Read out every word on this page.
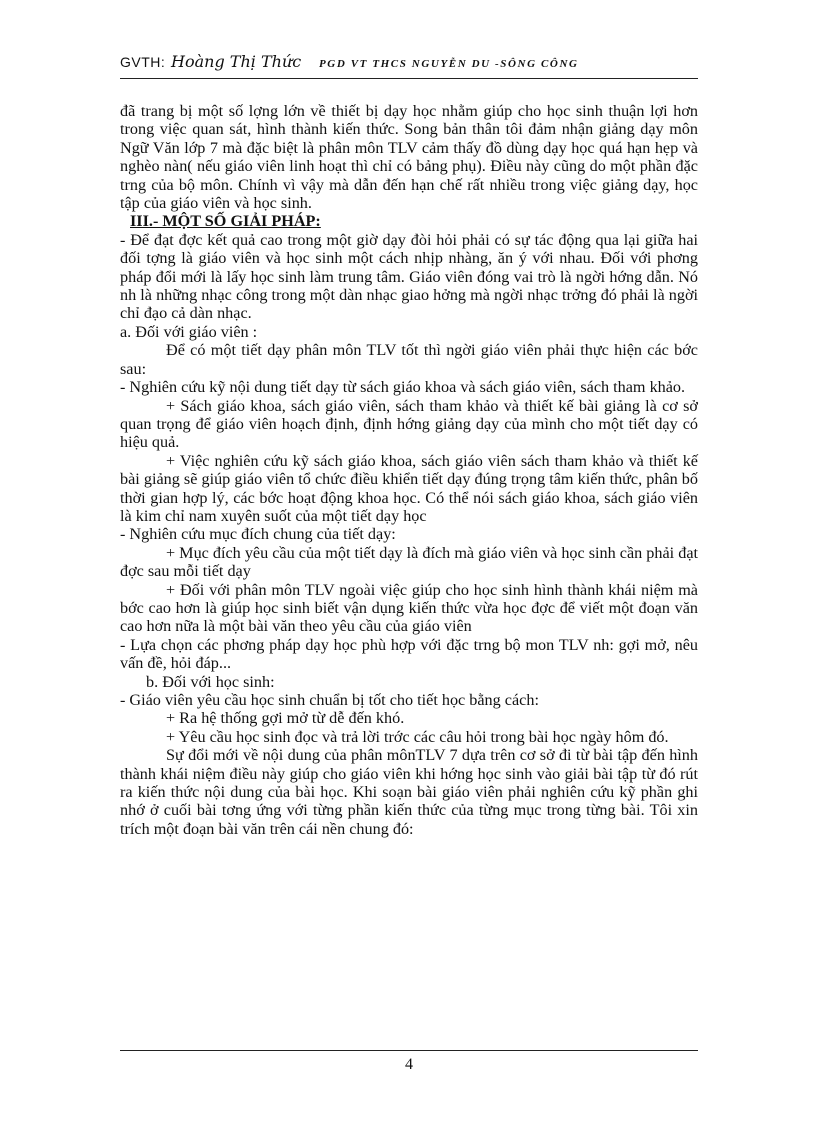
GVTH: Hoàng Thị Thức PGD VT THCS NGUYỄN DU -SÔNG CÔNG

đã trang bị một số lợng lớn về thiết bị dạy học nhằm giúp cho học sinh thuận lợi hơn trong việc quan sát, hình thành kiến thức. Song bản thân tôi đảm nhận giảng dạy môn Ngữ Văn lớp 7 mà đặc biệt là phân môn TLV cảm thấy đồ dùng dạy học quá hạn hẹp và nghèo nàn( nếu giáo viên linh hoạt thì chỉ có bảng phụ). Điều này cũng do một phần đặc trng của bộ môn. Chính vì vậy mà dẫn đến hạn chế rất nhiều trong việc giảng dạy, học tập của giáo viên và học sinh.

III.- MỘT SỐ GIẢI PHÁP:

- Để đạt đợc kết quả cao trong một giờ dạy đòi hỏi phải có sự tác động qua lại giữa hai đối tợng là giáo viên và học sinh một cách nhịp nhàng, ăn ý với nhau. Đối với phơng pháp đổi mới là lấy học sinh làm trung tâm. Giáo viên đóng vai trò là ngời hớng dẫn. Nó nh là những nhạc công trong một dàn nhạc giao hởng mà ngời nhạc trởng đó phải là ngời chỉ đạo cả dàn nhạc.

a. Đối với giáo viên :

Để có một tiết dạy phân môn TLV tốt thì ngời giáo viên phải thực hiện các bớc sau:

- Nghiên cứu kỹ nội dung tiết dạy từ sách giáo khoa và sách giáo viên, sách tham khảo.

+ Sách giáo khoa, sách giáo viên, sách tham khảo và thiết kế bài giảng là cơ sở quan trọng để giáo viên hoạch định, định hớng giảng dạy của mình cho một tiết dạy có hiệu quả.

+ Việc nghiên cứu kỹ sách giáo khoa, sách giáo viên sách tham khảo và thiết kế bài giảng sẽ giúp giáo viên tổ chức điều khiển tiết dạy đúng trọng tâm kiến thức, phân bố thời gian hợp lý, các bớc hoạt động khoa học. Có thể nói sách giáo khoa, sách giáo viên là kim chỉ nam xuyên suốt của một tiết dạy học

- Nghiên cứu mục đích chung của tiết dạy:

+ Mục đích yêu cầu của một tiết dạy là đích mà giáo viên và học sinh cần phải đạt đợc sau mỗi tiết dạy

+ Đối với phân môn TLV ngoài việc giúp cho học sinh hình thành khái niệm mà bớc cao hơn là giúp học sinh biết vận dụng kiến thức vừa học đợc để viết một đoạn văn cao hơn nữa là một bài văn theo yêu cầu của giáo viên

- Lựa chọn các phơng pháp dạy học phù hợp với đặc trng bộ mon TLV nh: gợi mở, nêu vấn đề, hỏi đáp...

b. Đối với học sinh:

- Giáo viên yêu cầu học sinh chuẩn bị tốt cho tiết học bằng cách:

+ Ra hệ thống gợi mở từ dễ đến khó.

+ Yêu cầu học sinh đọc và trả lời trớc các câu hỏi trong bài học ngày hôm đó.

Sự đổi mới về nội dung của phân mônTLV 7 dựa trên cơ sở đi từ bài tập đến hình thành khái niệm điều này giúp cho giáo viên khi hớng học sinh vào giải bài tập từ đó rút ra kiến thức nội dung của bài học. Khi soạn bài giáo viên phải nghiên cứu kỹ phần ghi nhớ ở cuối bài tơng ứng với từng phần kiến thức của từng mục trong từng bài. Tôi xin trích một đoạn bài văn trên cái nền chung đó:

4
